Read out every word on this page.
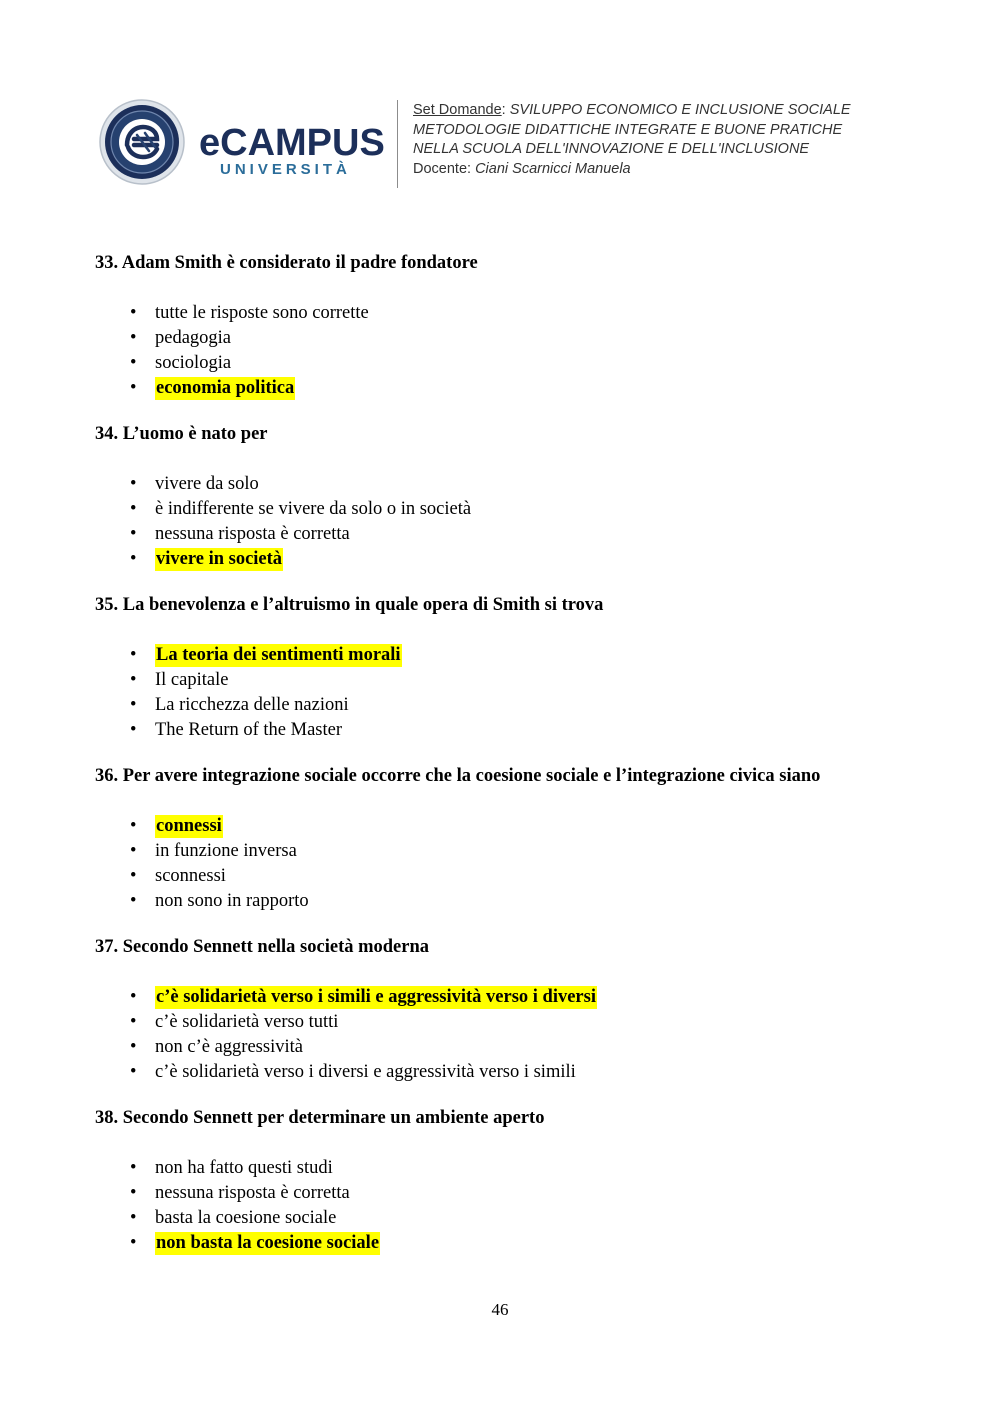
eCAMPUS
UNIVERSITÀ
Set Domande: SVILUPPO ECONOMICO E INCLUSIONE SOCIALE
METODOLOGIE DIDATTICHE INTEGRATE E BUONE PRATICHE
NELLA SCUOLA DELL'INNOVAZIONE E DELL'INCLUSIONE
Docente: Ciani Scarnicci Manuela

33. Adam Smith è considerato il padre fondatore

• tutte le risposte sono corrette
• pedagogia
• sociologia
• economia politica

34. L’uomo è nato per

• vivere da solo
• è indifferente se vivere da solo o in società
• nessuna risposta è corretta
• vivere in società

35. La benevolenza e l’altruismo in quale opera di Smith si trova

• La teoria dei sentimenti morali
• Il capitale
• La ricchezza delle nazioni
• The Return of the Master

36. Per avere integrazione sociale occorre che la coesione sociale e l’integrazione civica siano

• connessi
• in funzione inversa
• sconnessi
• non sono in rapporto

37. Secondo Sennett nella società moderna

• c’è solidarietà verso i simili e aggressività verso i diversi
• c’è solidarietà verso tutti
• non c’è aggressività
• c’è solidarietà verso i diversi e aggressività verso i simili

38. Secondo Sennett per determinare un ambiente aperto

• non ha fatto questi studi
• nessuna risposta è corretta
• basta la coesione sociale
• non basta la coesione sociale
46
